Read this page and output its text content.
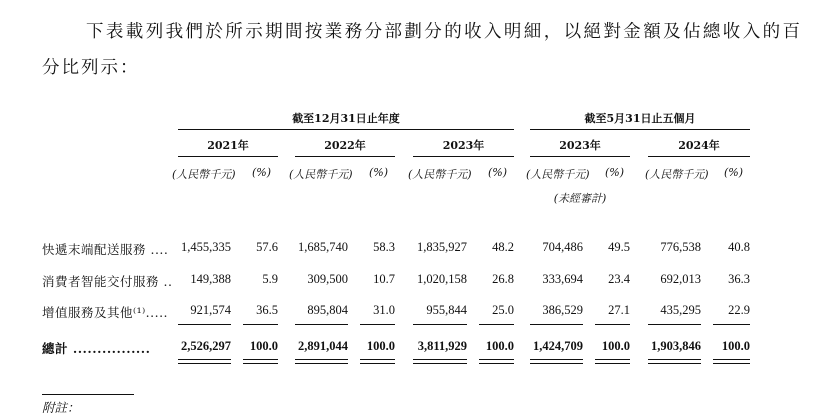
下表載列我們於所示期間按業務分部劃分的收入明細，以絕對金額及佔總收入的百分比列示：

截至12月31日止年度	截至5月31日止五個月
2021年	2022年	2023年	2023年	2024年
(人民幣千元)	(%)	(人民幣千元)	(%)	(人民幣千元)	(%)	(人民幣千元)	(%)	(人民幣千元)	(%)
(未經審計)
快遞末端配送服務 .... 1,455,335	57.6 1,685,740	58.3	1,835,927	48.2	704,486	49.5	776,538	40.8
消費者智能交付服務 ..	149,388	5.9	309,500	10.7	1,020,158	26.8	333,694	23.4	692,013	36.3
增值服務及其他⁽¹⁾.....	921,574	36.5	895,804	31.0	955,844	25.0	386,529	27.1	435,295	22.9
總計 ................ 2,526,297	100.0 2,891,044	100.0	3,811,929	100.0 1,424,709	100.0 1,903,846	100.0
附註：
